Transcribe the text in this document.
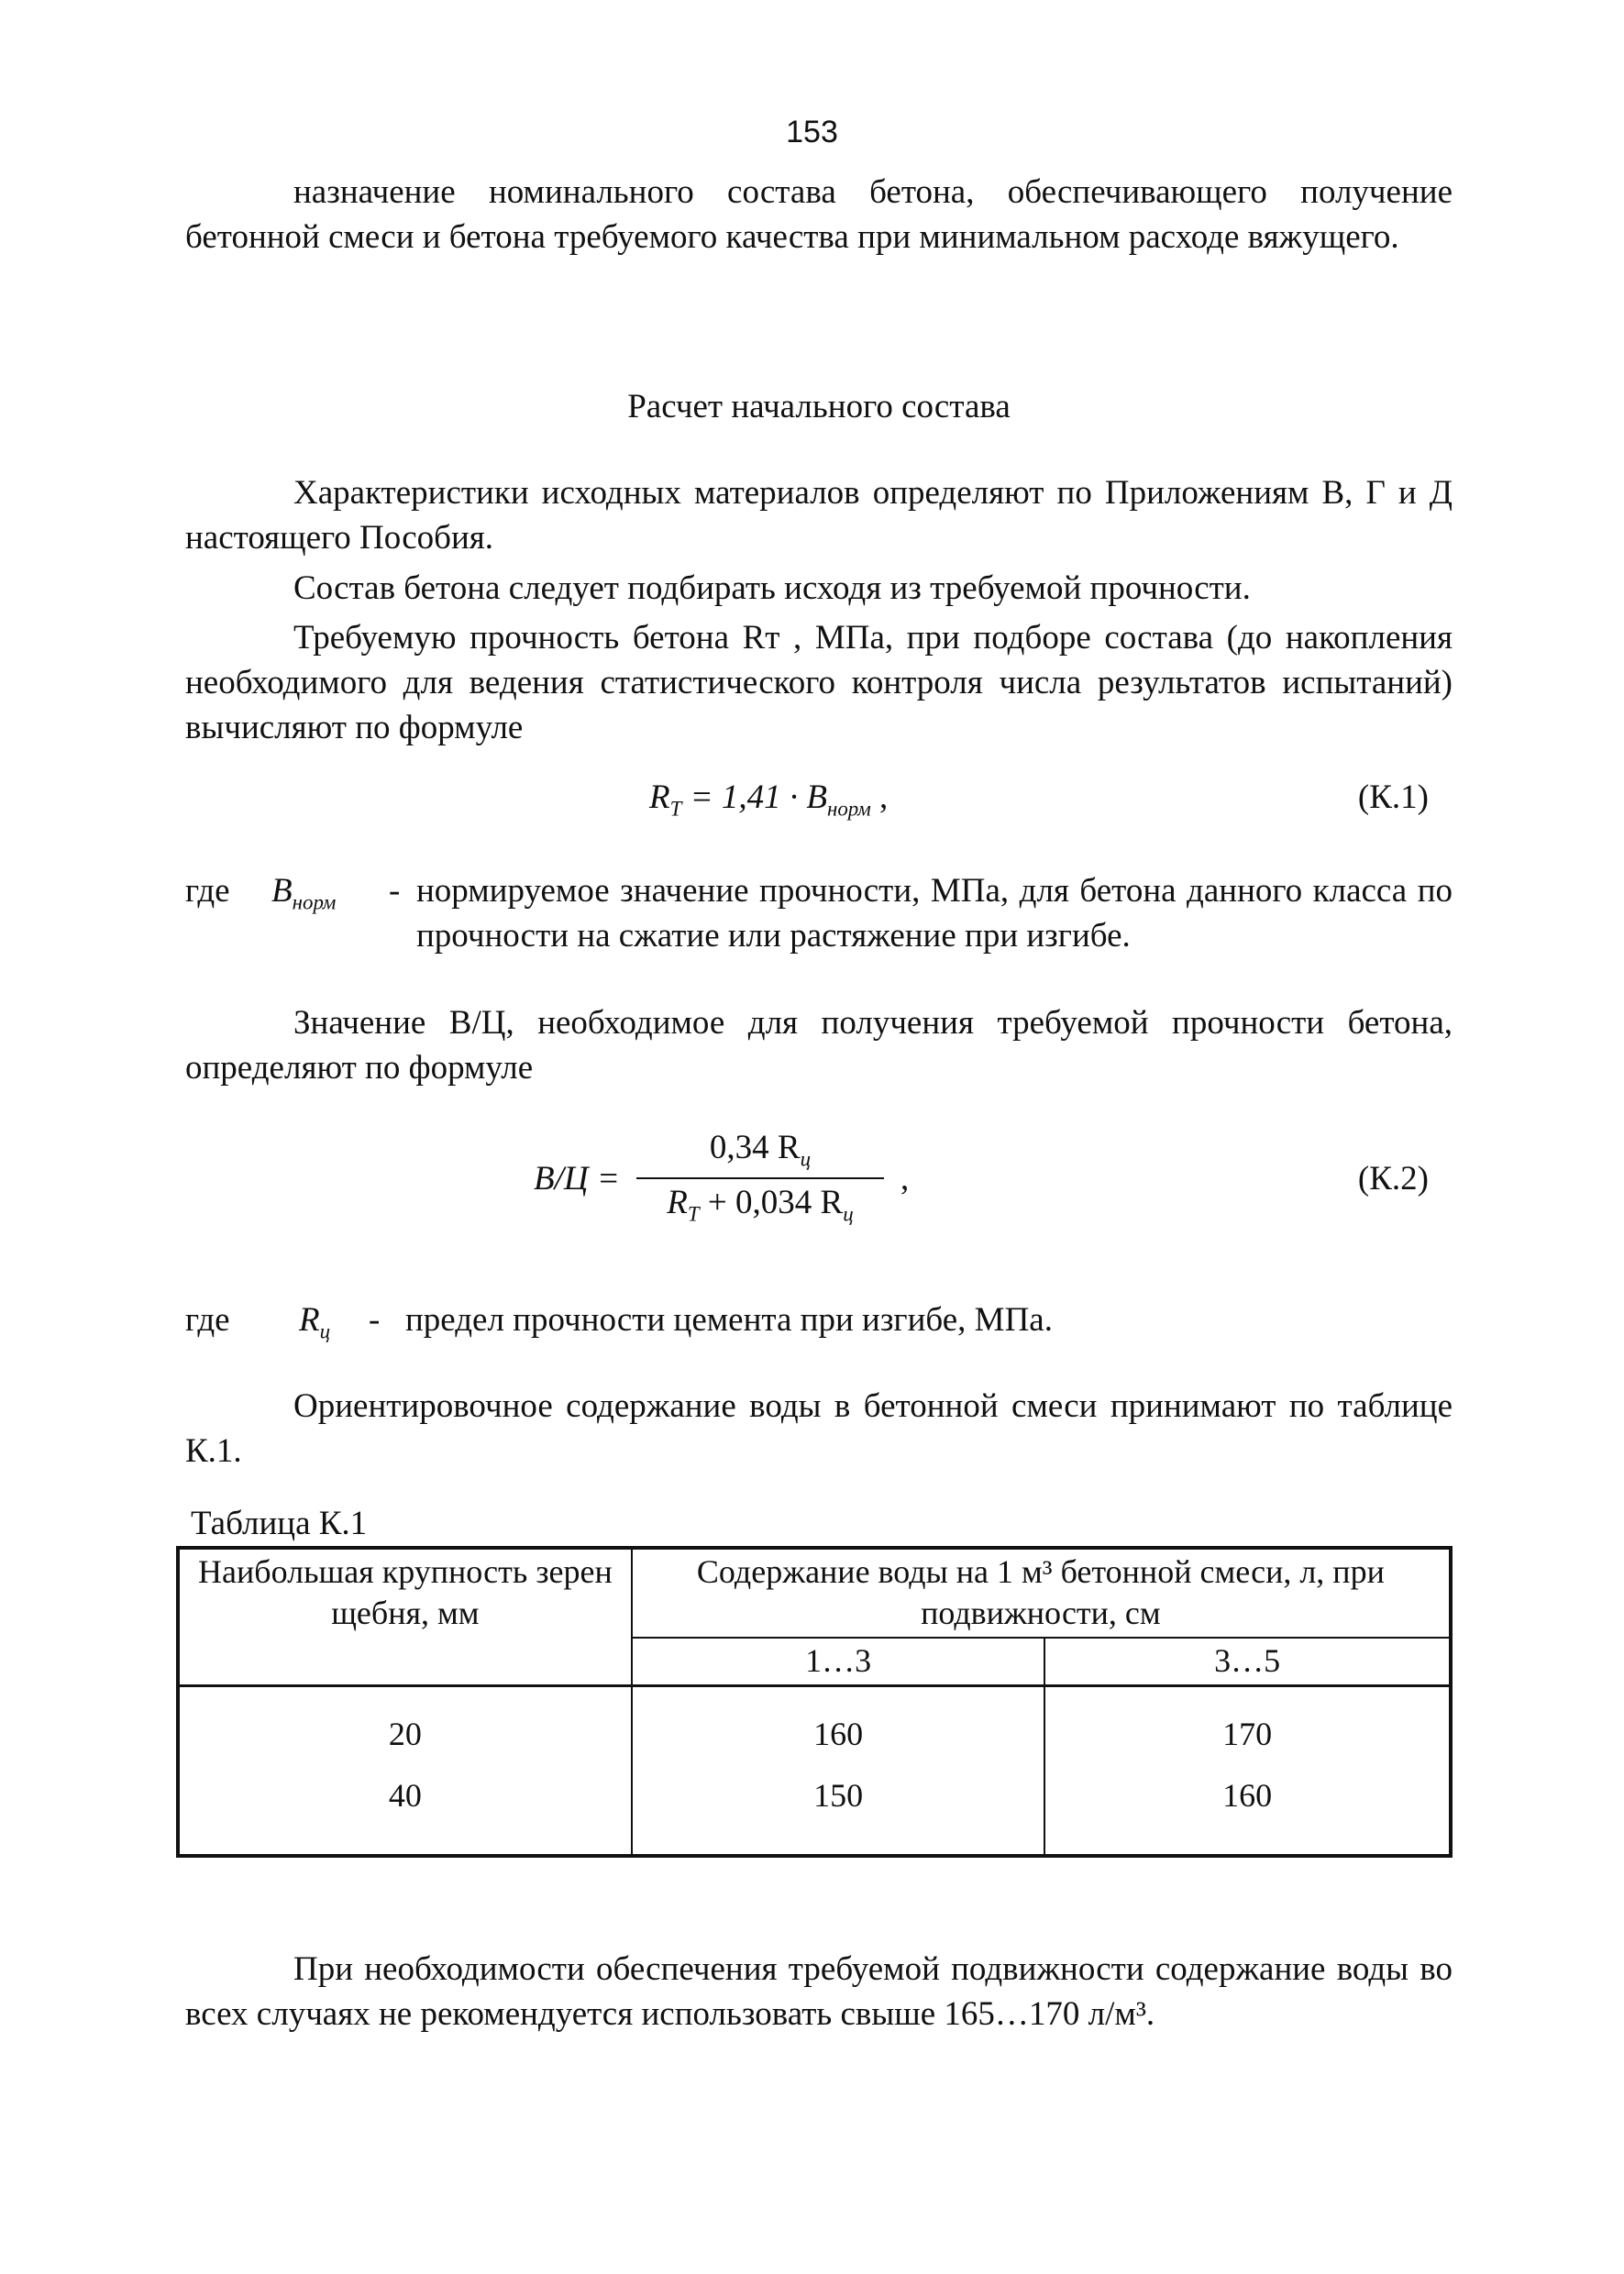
153

назначение номинального состава бетона, обеспечивающего получение бетонной смеси и бетона требуемого качества при минимальном расходе вяжущего.

Расчет начального состава

Характеристики исходных материалов определяют по Приложениям В, Г и Д настоящего Пособия.

Состав бетона следует подбирать исходя из требуемой прочности.

Требуемую прочность бетона Rт , МПа, при подборе состава (до накопления необходимого для ведения статистического контроля числа результатов испытаний) вычисляют по формуле

$R_T = 1,41 \cdot B_{норм}$ ,	(К.1)
где $B_{норм}$ - нормируемое значение прочности, МПа, для бетона данного класса по прочности на сжатие или растяжение при изгибе.

Значение В/Ц, необходимое для получения требуемой прочности бетона, определяют по формуле

В/Ц =
0,34 $R_ц$
$R_T + 0,034$ $R_ц$
,	(К.2)
где $R_ц$ - предел прочности цемента при изгибе, МПа.

Ориентировочное содержание воды в бетонной смеси принимают по таблице К.1.

Таблица К.1
Наибольшая крупность зерен щебня, мм	Содержание воды на 1 м³ бетонной смеси, л, при подвижности, см	
	1…3	3…5
20	160	170
40	150	160

При необходимости обеспечения требуемой подвижности содержание воды во всех случаях не рекомендуется использовать свыше 165…170 л/м³.
